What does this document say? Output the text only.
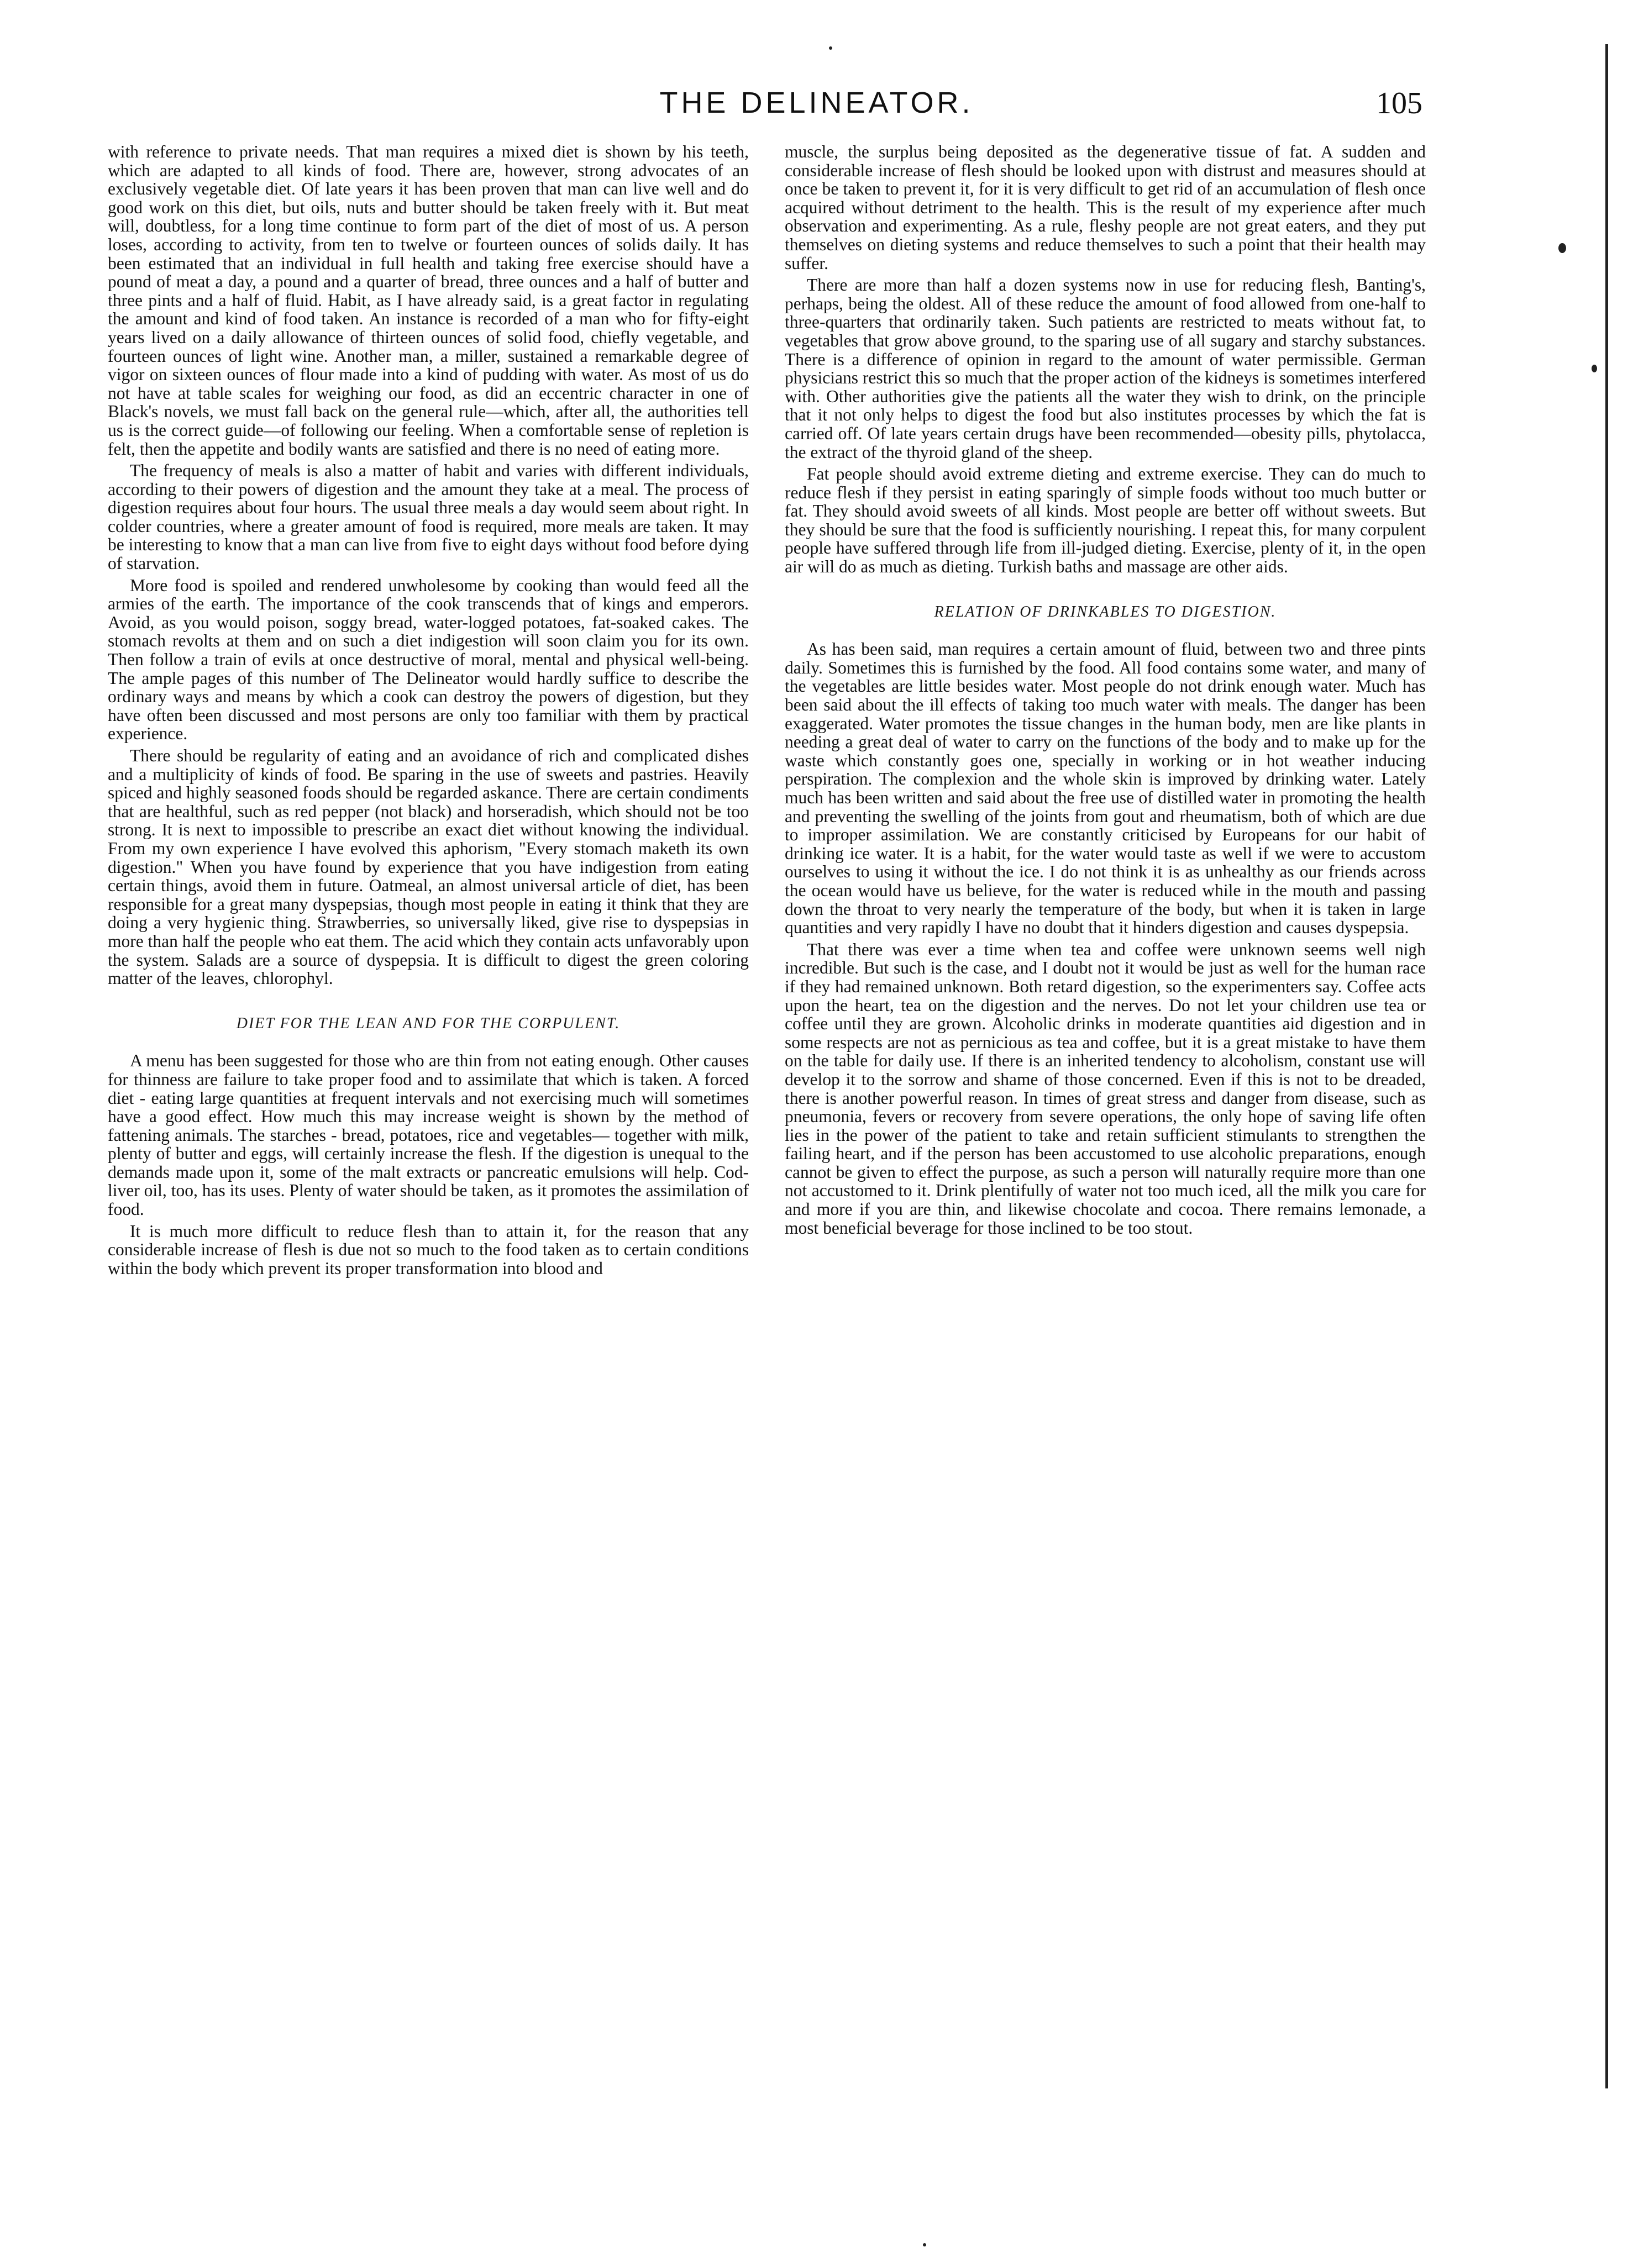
THE DELINEATOR.	105

with reference to private needs. That man requires a mixed diet is shown by his teeth, which are adapted to all kinds of food. There are, however, strong advocates of an exclusively vegetable diet. Of late years it has been proven that man can live well and do good work on this diet, but oils, nuts and butter should be taken freely with it. But meat will, doubtless, for a long time continue to form part of the diet of most of us. A person loses, according to activity, from ten to twelve or fourteen ounces of solids daily. It has been estimated that an individual in full health and taking free exercise should have a pound of meat a day, a pound and a quarter of bread, three ounces and a half of butter and three pints and a half of fluid. Habit, as I have already said, is a great factor in regulating the amount and kind of food taken. An instance is recorded of a man who for fifty-eight years lived on a daily allowance of thirteen ounces of solid food, chiefly vegetable, and fourteen ounces of light wine. Another man, a miller, sustained a remarkable degree of vigor on sixteen ounces of flour made into a kind of pudding with water. As most of us do not have at table scales for weighing our food, as did an eccentric character in one of Black's novels, we must fall back on the general rule—which, after all, the authorities tell us is the correct guide—of following our feeling. When a comfortable sense of repletion is felt, then the appetite and bodily wants are satisfied and there is no need of eating more.

The frequency of meals is also a matter of habit and varies with different individuals, according to their powers of digestion and the amount they take at a meal. The process of digestion requires about four hours. The usual three meals a day would seem about right. In colder countries, where a greater amount of food is required, more meals are taken. It may be interesting to know that a man can live from five to eight days without food before dying of starvation.

More food is spoiled and rendered unwholesome by cooking than would feed all the armies of the earth. The importance of the cook transcends that of kings and emperors. Avoid, as you would poison, soggy bread, water-logged potatoes, fat-soaked cakes. The stomach revolts at them and on such a diet indigestion will soon claim you for its own. Then follow a train of evils at once destructive of moral, mental and physical well-being. The ample pages of this number of The Delineator would hardly suffice to describe the ordinary ways and means by which a cook can destroy the powers of digestion, but they have often been discussed and most persons are only too familiar with them by practical experience.

There should be regularity of eating and an avoidance of rich and complicated dishes and a multiplicity of kinds of food. Be sparing in the use of sweets and pastries. Heavily spiced and highly seasoned foods should be regarded askance. There are certain condiments that are healthful, such as red pepper (not black) and horseradish, which should not be too strong. It is next to impossible to prescribe an exact diet without knowing the individual. From my own experience I have evolved this aphorism, "Every stomach maketh its own digestion." When you have found by experience that you have indigestion from eating certain things, avoid them in future. Oatmeal, an almost universal article of diet, has been responsible for a great many dyspepsias, though most people in eating it think that they are doing a very hygienic thing. Strawberries, so universally liked, give rise to dyspepsias in more than half the people who eat them. The acid which they contain acts unfavorably upon the system. Salads are a source of dyspepsia. It is difficult to digest the green coloring matter of the leaves, chlorophyl.

DIET FOR THE LEAN AND FOR THE CORPULENT.

A menu has been suggested for those who are thin from not eating enough. Other causes for thinness are failure to take proper food and to assimilate that which is taken. A forced diet - eating large quantities at frequent intervals and not exercising much will sometimes have a good effect. How much this may increase weight is shown by the method of fattening animals. The starches - bread, potatoes, rice and vegetables— together with milk, plenty of butter and eggs, will certainly increase the flesh. If the digestion is unequal to the demands made upon it, some of the malt extracts or pancreatic emulsions will help. Cod-liver oil, too, has its uses. Plenty of water should be taken, as it promotes the assimilation of food.

It is much more difficult to reduce flesh than to attain it, for the reason that any considerable increase of flesh is due not so much to the food taken as to certain conditions within the body which prevent its proper transformation into blood and

muscle, the surplus being deposited as the degenerative tissue of fat. A sudden and considerable increase of flesh should be looked upon with distrust and measures should at once be taken to prevent it, for it is very difficult to get rid of an accumulation of flesh once acquired without detriment to the health. This is the result of my experience after much observation and experimenting. As a rule, fleshy people are not great eaters, and they put themselves on dieting systems and reduce themselves to such a point that their health may suffer.

There are more than half a dozen systems now in use for reducing flesh, Banting's, perhaps, being the oldest. All of these reduce the amount of food allowed from one-half to three-quarters that ordinarily taken. Such patients are restricted to meats without fat, to vegetables that grow above ground, to the sparing use of all sugary and starchy substances. There is a difference of opinion in regard to the amount of water permissible. German physicians restrict this so much that the proper action of the kidneys is sometimes interfered with. Other authorities give the patients all the water they wish to drink, on the principle that it not only helps to digest the food but also institutes processes by which the fat is carried off. Of late years certain drugs have been recommended—obesity pills, phytolacca, the extract of the thyroid gland of the sheep.

Fat people should avoid extreme dieting and extreme exercise. They can do much to reduce flesh if they persist in eating sparingly of simple foods without too much butter or fat. They should avoid sweets of all kinds. Most people are better off without sweets. But they should be sure that the food is sufficiently nourishing. I repeat this, for many corpulent people have suffered through life from ill-judged dieting. Exercise, plenty of it, in the open air will do as much as dieting. Turkish baths and massage are other aids.

RELATION OF DRINKABLES TO DIGESTION.

As has been said, man requires a certain amount of fluid, between two and three pints daily. Sometimes this is furnished by the food. All food contains some water, and many of the vegetables are little besides water. Most people do not drink enough water. Much has been said about the ill effects of taking too much water with meals. The danger has been exaggerated. Water promotes the tissue changes in the human body, men are like plants in needing a great deal of water to carry on the functions of the body and to make up for the waste which constantly goes one, specially in working or in hot weather inducing perspiration. The complexion and the whole skin is improved by drinking water. Lately much has been written and said about the free use of distilled water in promoting the health and preventing the swelling of the joints from gout and rheumatism, both of which are due to improper assimilation. We are constantly criticised by Europeans for our habit of drinking ice water. It is a habit, for the water would taste as well if we were to accustom ourselves to using it without the ice. I do not think it is as unhealthy as our friends across the ocean would have us believe, for the water is reduced while in the mouth and passing down the throat to very nearly the temperature of the body, but when it is taken in large quantities and very rapidly I have no doubt that it hinders digestion and causes dyspepsia.

That there was ever a time when tea and coffee were unknown seems well nigh incredible. But such is the case, and I doubt not it would be just as well for the human race if they had remained unknown. Both retard digestion, so the experimenters say. Coffee acts upon the heart, tea on the digestion and the nerves. Do not let your children use tea or coffee until they are grown. Alcoholic drinks in moderate quantities aid digestion and in some respects are not as pernicious as tea and coffee, but it is a great mistake to have them on the table for daily use. If there is an inherited tendency to alcoholism, constant use will develop it to the sorrow and shame of those concerned. Even if this is not to be dreaded, there is another powerful reason. In times of great stress and danger from disease, such as pneumonia, fevers or recovery from severe operations, the only hope of saving life often lies in the power of the patient to take and retain sufficient stimulants to strengthen the failing heart, and if the person has been accustomed to use alcoholic preparations, enough cannot be given to effect the purpose, as such a person will naturally require more than one not accustomed to it. Drink plentifully of water not too much iced, all the milk you care for and more if you are thin, and likewise chocolate and cocoa. There remains lemonade, a most beneficial beverage for those inclined to be too stout.
